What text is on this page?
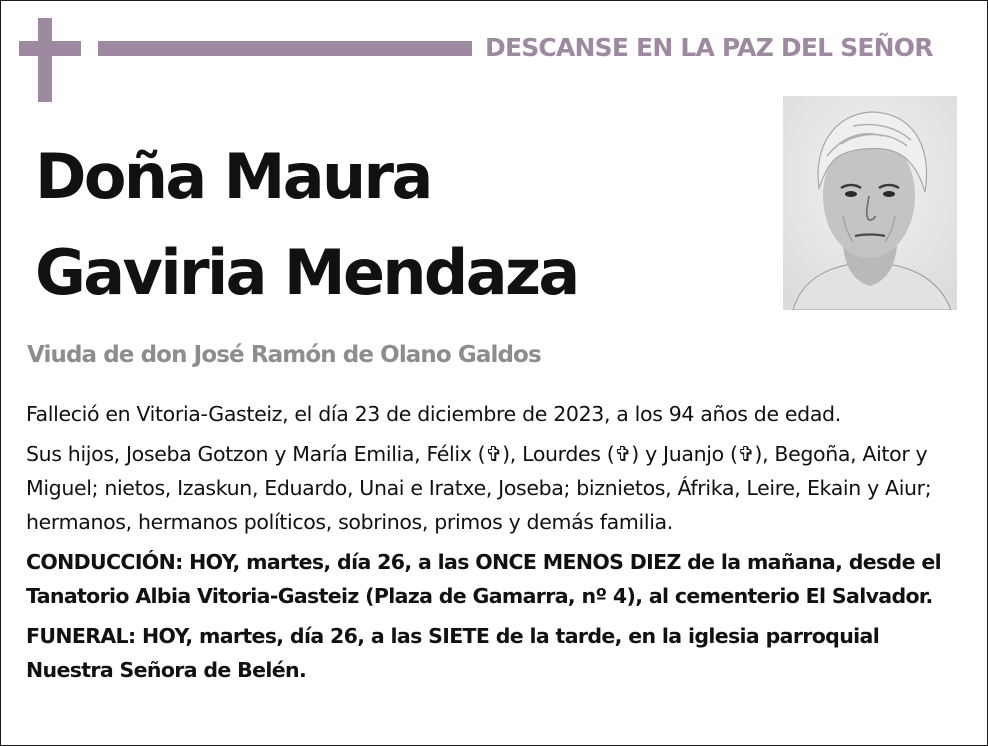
DESCANSE EN LA PAZ DEL SEÑOR
Doña Maura
Gaviria Mendaza
Viuda de don José Ramón de Olano Galdos

Falleció en Vitoria-Gasteiz, el día 23 de diciembre de 2023, a los 94 años de edad.

Sus hijos, Joseba Gotzon y María Emilia, Félix (✞), Lourdes (✞) y Juanjo (✞), Begoña, Aitor y Miguel; nietos, Izaskun, Eduardo, Unai e Iratxe, Joseba; biznietos, Áfrika, Leire, Ekain y Aiur; hermanos, hermanos políticos, sobrinos, primos y demás familia.

CONDUCCIÓN: HOY, martes, día 26, a las ONCE MENOS DIEZ de la mañana, desde el Tanatorio Albia Vitoria-Gasteiz (Plaza de Gamarra, nº 4), al cementerio El Salvador.

FUNERAL: HOY, martes, día 26, a las SIETE de la tarde, en la iglesia parroquial Nuestra Señora de Belén.
